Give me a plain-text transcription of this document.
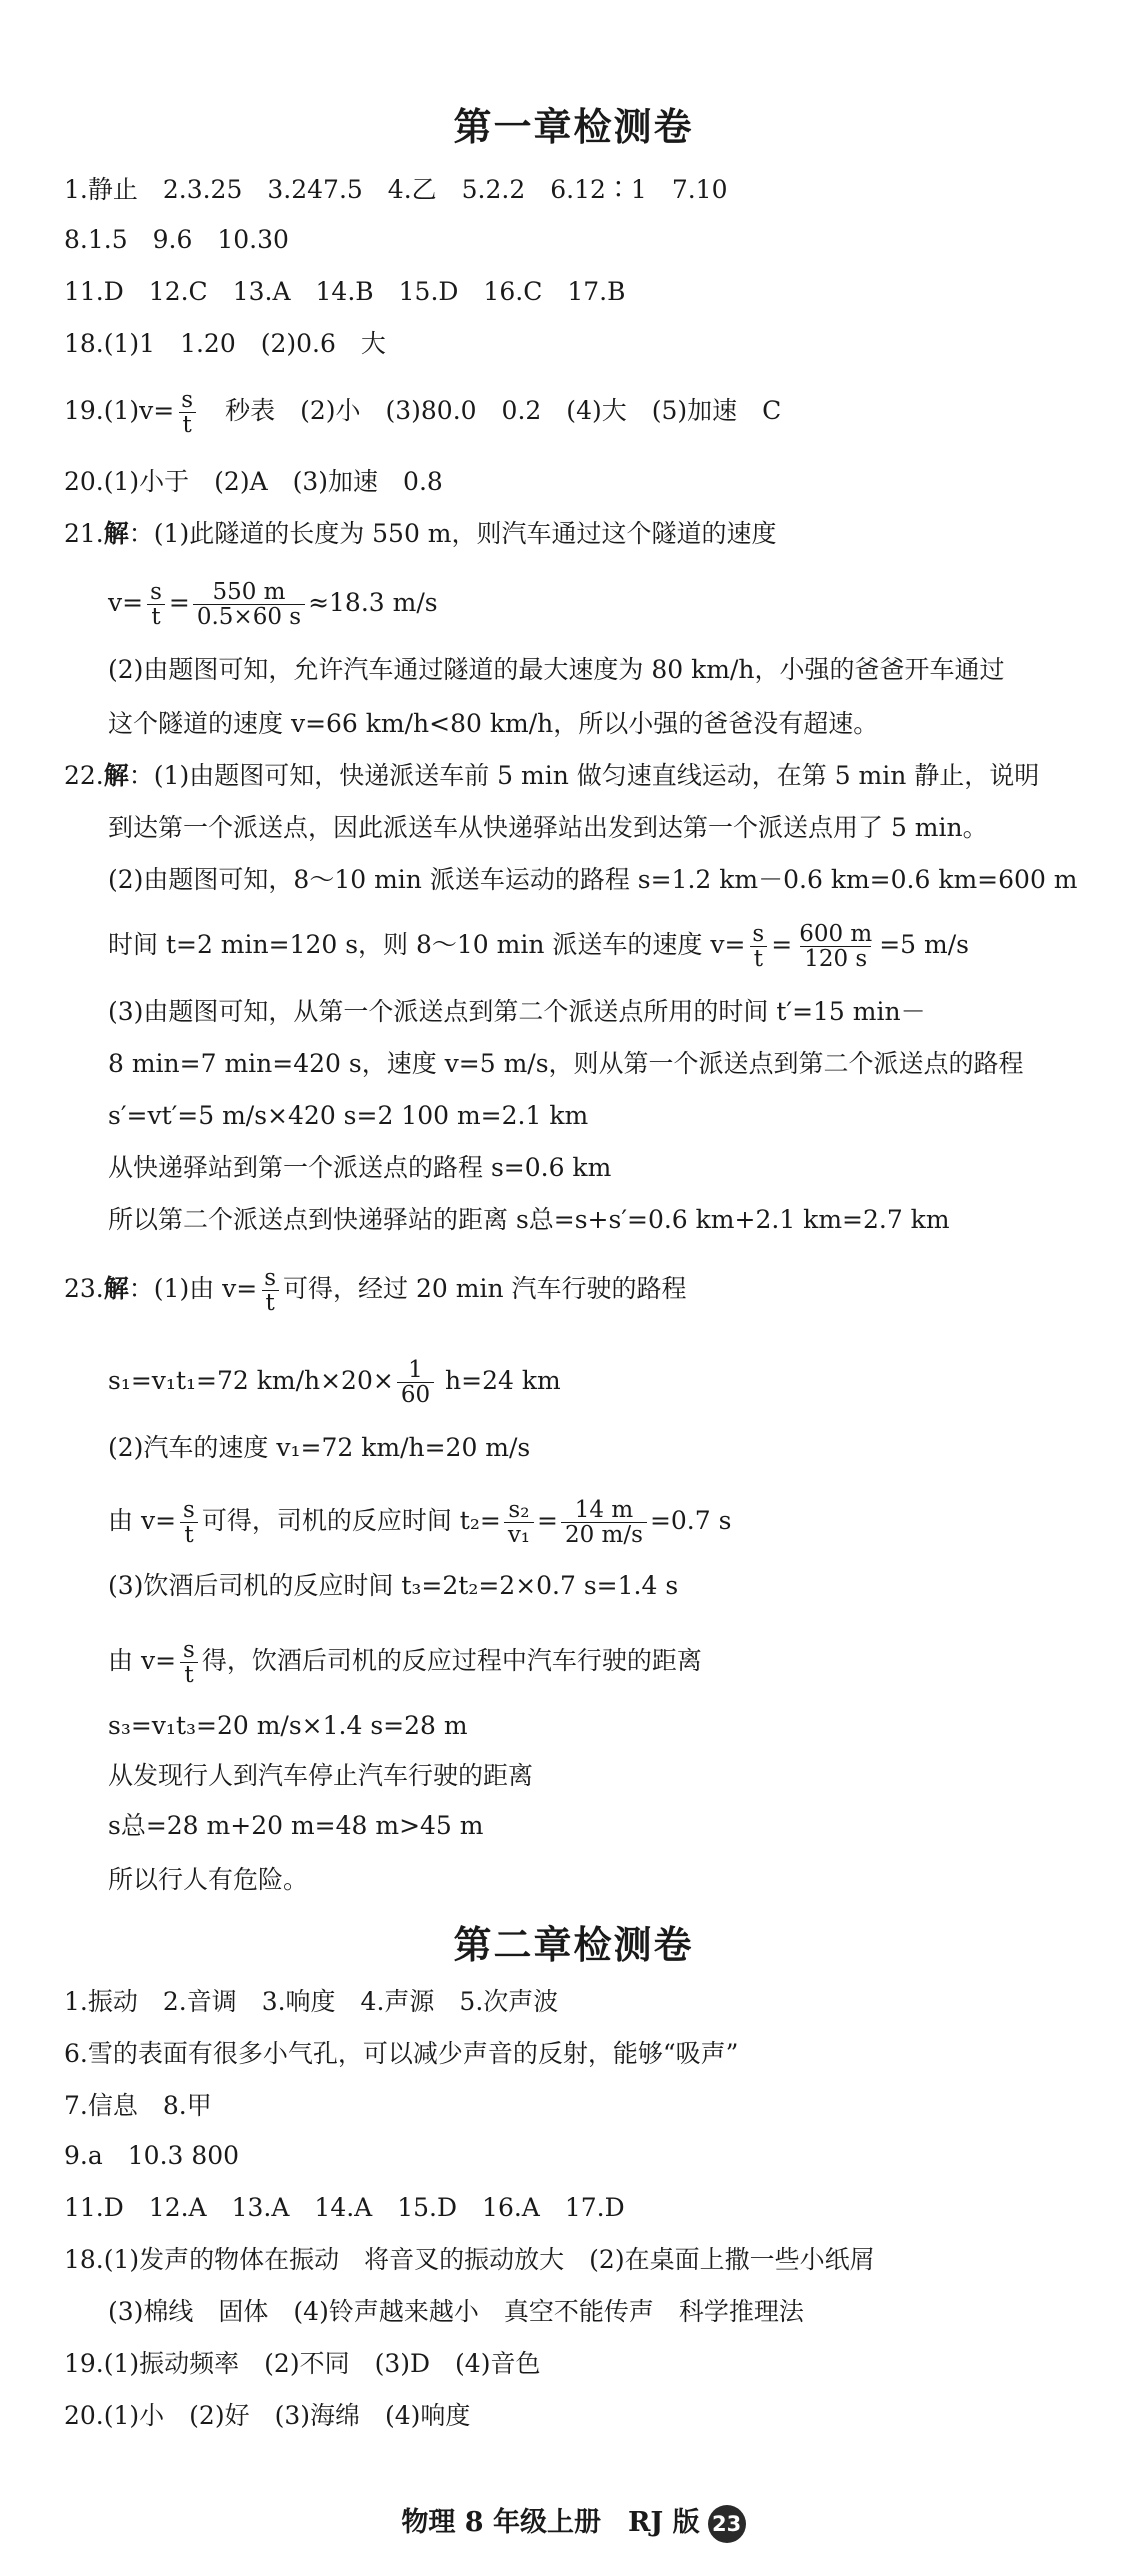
第一章检测卷
1.静止　2.3.25　3.247.5　4.乙　5.2.2　6.12∶1　7.10
8.1.5　9.6　10.30
11.D　12.C　13.A　14.B　15.D　16.C　17.B
18.(1)1　1.20　(2)0.6　大
$19.(1)v= \frac{s}{t}$ 　秒表　(2)小　(3)80.0　0.2　(4)大　(5)加速　C
20.(1)小于　(2)A　(3)加速　0.8
21.解：(1)此隧道的长度为 550 m，则汽车通过这个隧道的速度
$v= \frac{s}{t} = \frac{550 m}{0.5\times 60 s} \approx 18.3$ m/s
(2)由题图可知，允许汽车通过隧道的最大速度为 80 km/h，小强的爸爸开车通过
这个隧道的速度 v=66 km/h<80 km/h，所以小强的爸爸没有超速。
22.解：(1)由题图可知，快递派送车前 5 min 做匀速直线运动，在第 5 min 静止，说明
到达第一个派送点，因此派送车从快递驿站出发到达第一个派送点用了 5 min。
(2)由题图可知，8～10 min 派送车运动的路程 s=1.2 km－0.6 km=0.6 km=600 m
时间 t=2 min=120 s，则 8～10 min 派送车的速度 $v= \frac{s}{t} = \frac{600 m}{120 s} =5$ m/s
(3)由题图可知，从第一个派送点到第二个派送点所用的时间 t′=15 min－
8 min=7 min=420 s，速度 v=5 m/s，则从第一个派送点到第二个派送点的路程
s′=vt′=5 m/s×420 s=2 100 m=2.1 km
从快递驿站到第一个派送点的路程 s=0.6 km
所以第二个派送点到快递驿站的距离 s总=s+s′=0.6 km+2.1 km=2.7 km
23.解：(1)由 $v= \frac{s}{t}$ 可得，经过 20 min 汽车行驶的路程
s₁=v₁t₁=72 $km/h\times 20\times \frac{1}{60} h=24$ km
(2)汽车的速度 v₁=72 km/h=20 m/s
由 $v= \frac{s}{t}$ 可得，司机的反应时间 $t_2= \frac{\text{s₂}}{\text{v₁}} = \frac{14 m}{20 m/s} =0.7$ s
(3)饮酒后司机的反应时间 t₃=2t₂=2×0.7 s=1.4 s
由 $v= \frac{s}{t}$ 得，饮酒后司机的反应过程中汽车行驶的距离
s₃=v₁t₃=20 m/s×1.4 s=28 m
从发现行人到汽车停止汽车行驶的距离
s总=28 m+20 m=48 m>45 m
所以行人有危险。
第二章检测卷
1.振动　2.音调　3.响度　4.声源　5.次声波
6.雪的表面有很多小气孔，可以减少声音的反射，能够“吸声”
7.信息　8.甲
9.a　10.3 800
11.D　12.A　13.A　14.A　15.D　16.A　17.D
18.(1)发声的物体在振动　将音叉的振动放大　(2)在桌面上撒一些小纸屑
(3)棉线　固体　(4)铃声越来越小　真空不能传声　科学推理法
19.(1)振动频率　(2)不同　(3)D　(4)音色
20.(1)小　(2)好　(3)海绵　(4)响度
物理 8 年级上册　RJ 版 23
